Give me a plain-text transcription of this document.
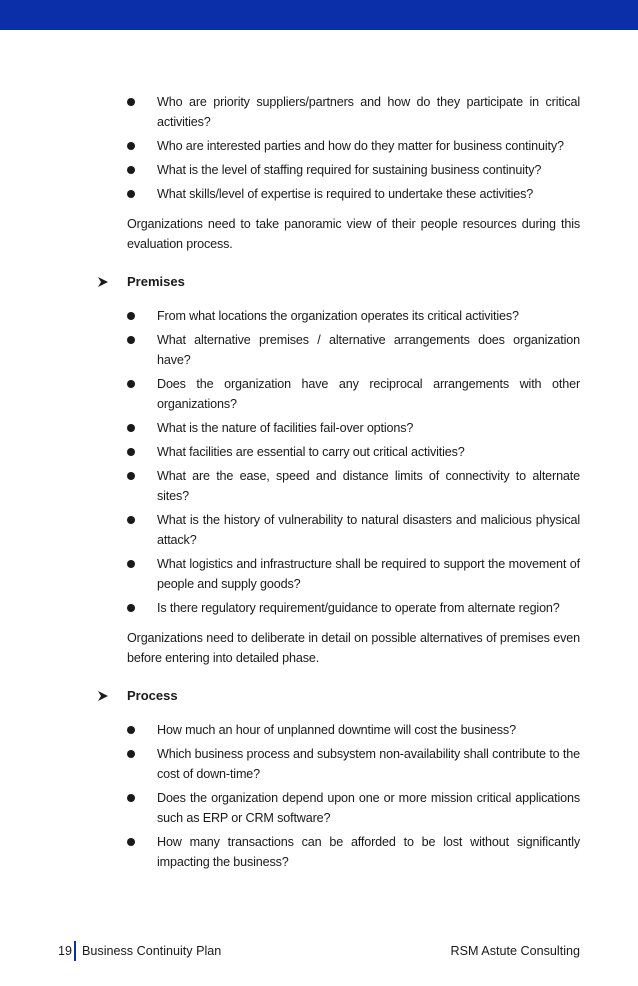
Who are priority suppliers/partners and how do they participate in critical activities?
Who are interested parties and how do they matter for business continuity?
What is the level of staffing required for sustaining business continuity?
What skills/level of expertise is required to undertake these activities?

Organizations need to take panoramic view of their people resources during this evaluation process.

Premises
From what locations the organization operates its critical activities?
What alternative premises / alternative arrangements does organization have?
Does the organization have any reciprocal arrangements with other organizations?
What is the nature of facilities fail-over options?
What facilities are essential to carry out critical activities?
What are the ease, speed and distance limits of connectivity to alternate sites?
What is the history of vulnerability to natural disasters and malicious physical attack?
What logistics and infrastructure shall be required to support the movement of people and supply goods?
Is there regulatory requirement/guidance to operate from alternate region?

Organizations need to deliberate in detail on possible alternatives of premises even before entering into detailed phase.

Process
How much an hour of unplanned downtime will cost the business?
Which business process and subsystem non-availability shall contribute to the cost of down-time?
Does the organization depend upon one or more mission critical applications such as ERP or CRM software?
How many transactions can be afforded to be lost without significantly impacting the business?
19 Business Continuity Plan	RSM Astute Consulting
